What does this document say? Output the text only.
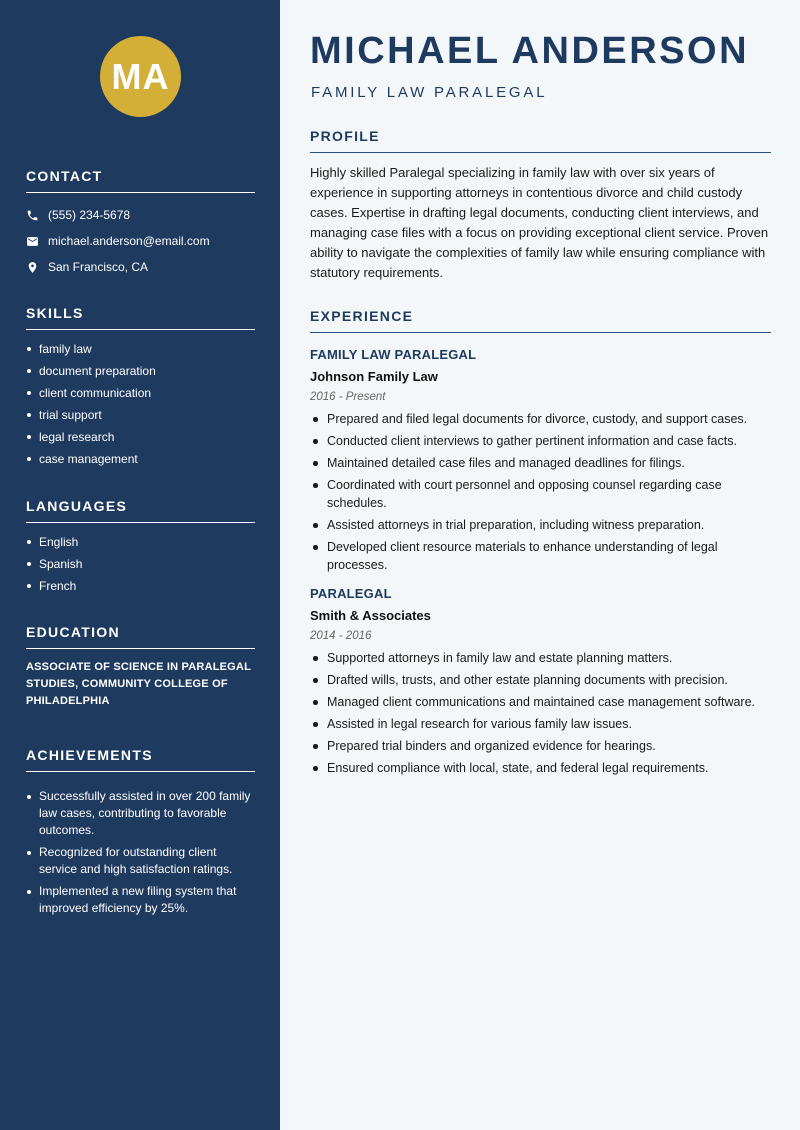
MA
CONTACT
(555) 234-5678
michael.anderson@email.com
San Francisco, CA
SKILLS
family law
document preparation
client communication
trial support
legal research
case management
LANGUAGES
English
Spanish
French
EDUCATION

ASSOCIATE OF SCIENCE IN PARALEGAL STUDIES, COMMUNITY COLLEGE OF PHILADELPHIA

ACHIEVEMENTS
Successfully assisted in over 200 family law cases, contributing to favorable outcomes.
Recognized for outstanding client service and high satisfaction ratings.
Implemented a new filing system that improved efficiency by 25%.
MICHAEL ANDERSON
FAMILY LAW PARALEGAL
PROFILE

Highly skilled Paralegal specializing in family law with over six years of experience in supporting attorneys in contentious divorce and child custody cases. Expertise in drafting legal documents, conducting client interviews, and managing case files with a focus on providing exceptional client service. Proven ability to navigate the complexities of family law while ensuring compliance with statutory requirements.

EXPERIENCE
FAMILY LAW PARALEGAL
Johnson Family Law
2016 - Present
Prepared and filed legal documents for divorce, custody, and support cases.
Conducted client interviews to gather pertinent information and case facts.
Maintained detailed case files and managed deadlines for filings.
Coordinated with court personnel and opposing counsel regarding case schedules.
Assisted attorneys in trial preparation, including witness preparation.
Developed client resource materials to enhance understanding of legal processes.
PARALEGAL
Smith & Associates
2014 - 2016
Supported attorneys in family law and estate planning matters.
Drafted wills, trusts, and other estate planning documents with precision.
Managed client communications and maintained case management software.
Assisted in legal research for various family law issues.
Prepared trial binders and organized evidence for hearings.
Ensured compliance with local, state, and federal legal requirements.
